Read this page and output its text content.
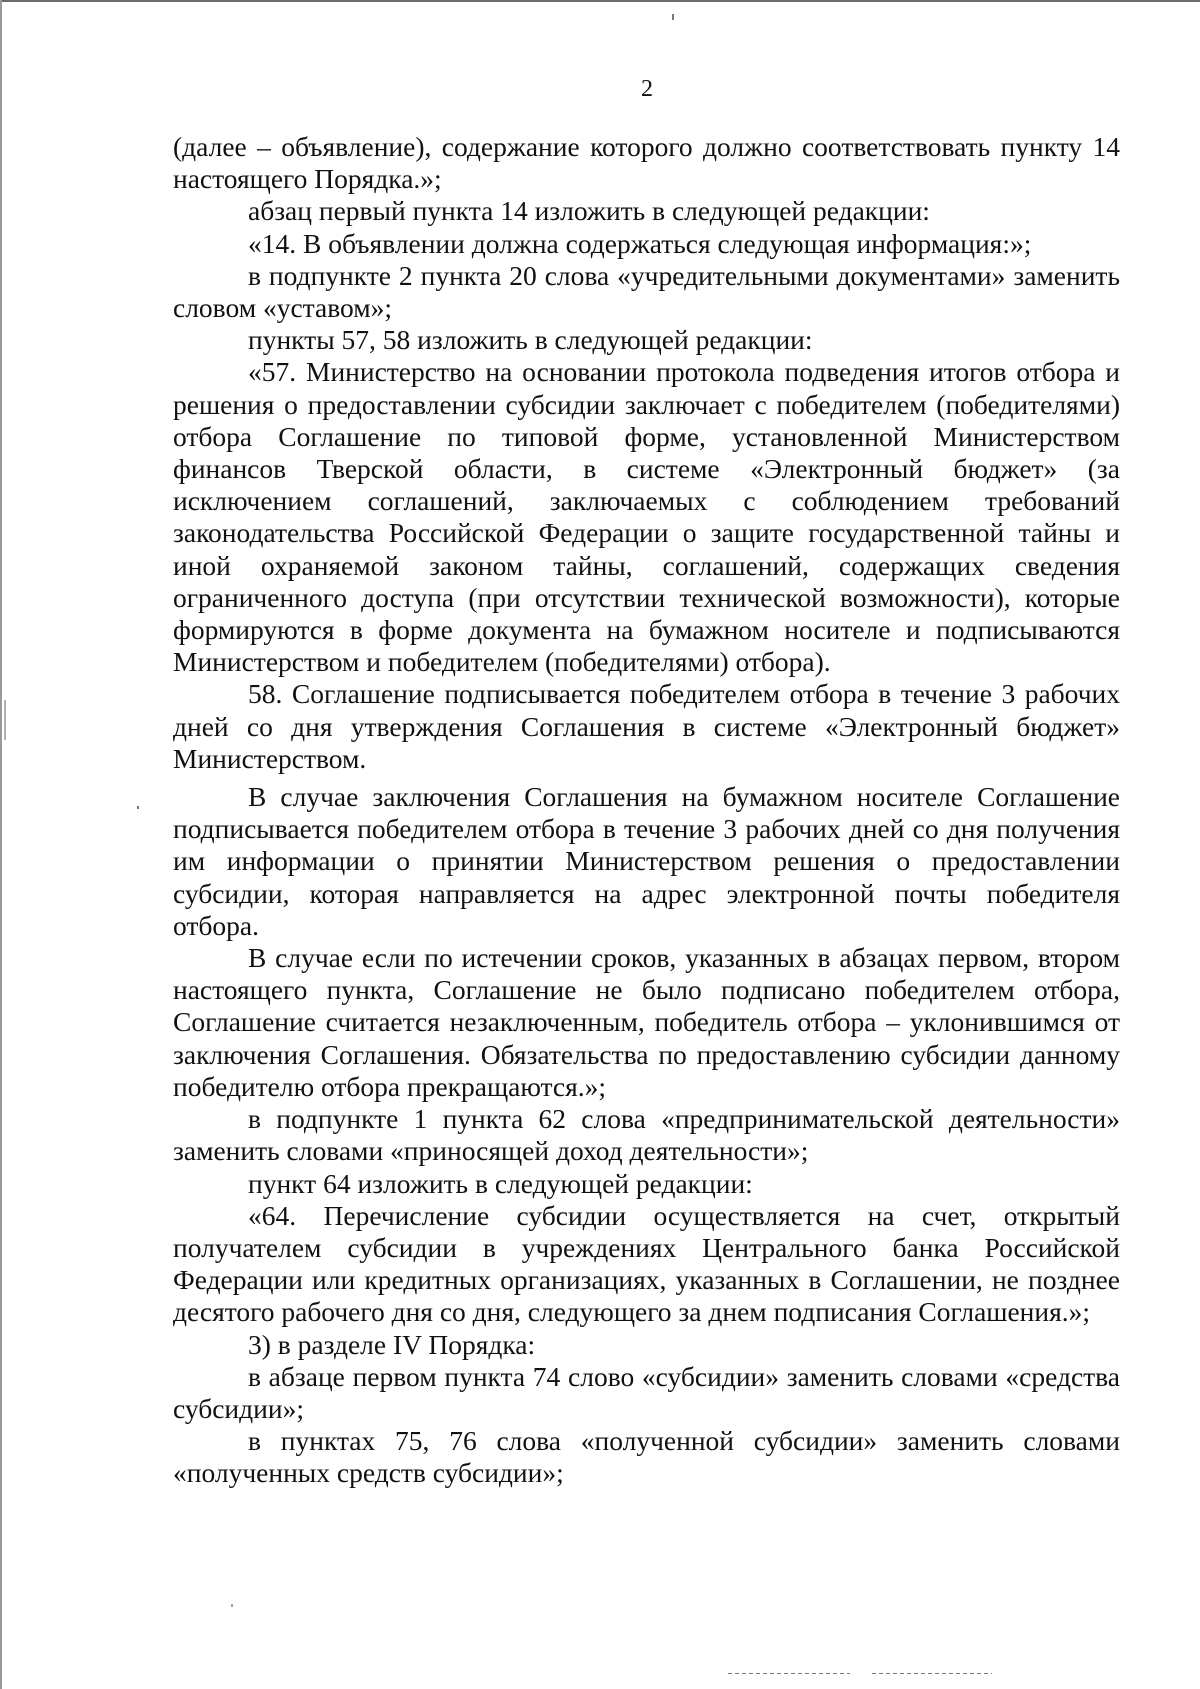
2

(далее – объявление), содержание которого должно соответствовать пункту 14 настоящего Порядка.»;

абзац первый пункта 14 изложить в следующей редакции:

«14. В объявлении должна содержаться следующая информация:»;

в подпункте 2 пункта 20 слова «учредительными документами» заменить словом «уставом»;

пункты 57, 58 изложить в следующей редакции:

«57. Министерство на основании протокола подведения итогов отбора и решения о предоставлении субсидии заключает с победителем (победителями) отбора Соглашение по типовой форме, установленной Министерством финансов Тверской области, в системе «Электронный бюджет» (за исключением соглашений, заключаемых с соблюдением требований законодательства Российской Федерации о защите государственной тайны и иной охраняемой законом тайны, соглашений, содержащих сведения ограниченного доступа (при отсутствии технической возможности), которые формируются в форме документа на бумажном носителе и подписываются Министерством и победителем (победителями) отбора).

58. Соглашение подписывается победителем отбора в течение 3 рабочих дней со дня утверждения Соглашения в системе «Электронный бюджет» Министерством.

В случае заключения Соглашения на бумажном носителе Соглашение подписывается победителем отбора в течение 3 рабочих дней со дня получения им информации о принятии Министерством решения о предоставлении субсидии, которая направляется на адрес электронной почты победителя отбора.

В случае если по истечении сроков, указанных в абзацах первом, втором настоящего пункта, Соглашение не было подписано победителем отбора, Соглашение считается незаключенным, победитель отбора – уклонившимся от заключения Соглашения. Обязательства по предоставлению субсидии данному победителю отбора прекращаются.»;

в подпункте 1 пункта 62 слова «предпринимательской деятельности» заменить словами «приносящей доход деятельности»;

пункт 64 изложить в следующей редакции:

«64. Перечисление субсидии осуществляется на счет, открытый получателем субсидии в учреждениях Центрального банка Российской Федерации или кредитных организациях, указанных в Соглашении, не позднее десятого рабочего дня со дня, следующего за днем подписания Соглашения.»;

3) в разделе IV Порядка:

в абзаце первом пункта 74 слово «субсидии» заменить словами «средства субсидии»;

в пунктах 75, 76 слова «полученной субсидии» заменить словами «полученных средств субсидии»;
